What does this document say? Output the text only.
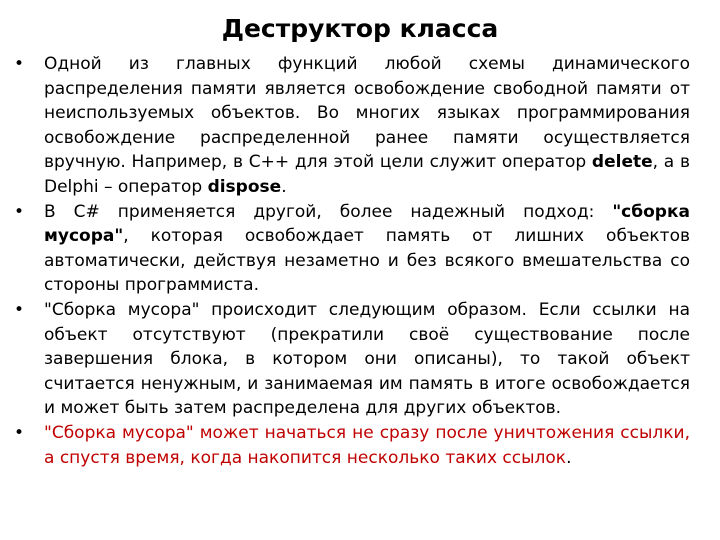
Деструктор класса
•	Одной из главных функций любой схемы динамического распределения памяти является освобождение свободной памяти от неиспользуемых объектов. Во многих языках программирования освобождение распределенной ранее памяти осуществляется вручную. Например, в С++ для этой цели служит оператор delete, а в Delphi – оператор dispose.
•	В C# применяется другой, более надежный подход: "сборка мусора", которая освобождает память от лишних объектов автоматически, действуя незаметно и без всякого вмешательства со стороны программиста.
•	"Сборка мусора" происходит следующим образом. Если ссылки на объект отсутствуют (прекратили своё существование после завершения блока, в котором они описаны), то такой объект считается ненужным, и занимаемая им память в итоге освобождается и может быть затем распределена для других объектов.
•	"Сборка мусора" может начаться не сразу после уничтожения ссылки, а спустя время, когда накопится несколько таких ссылок.
